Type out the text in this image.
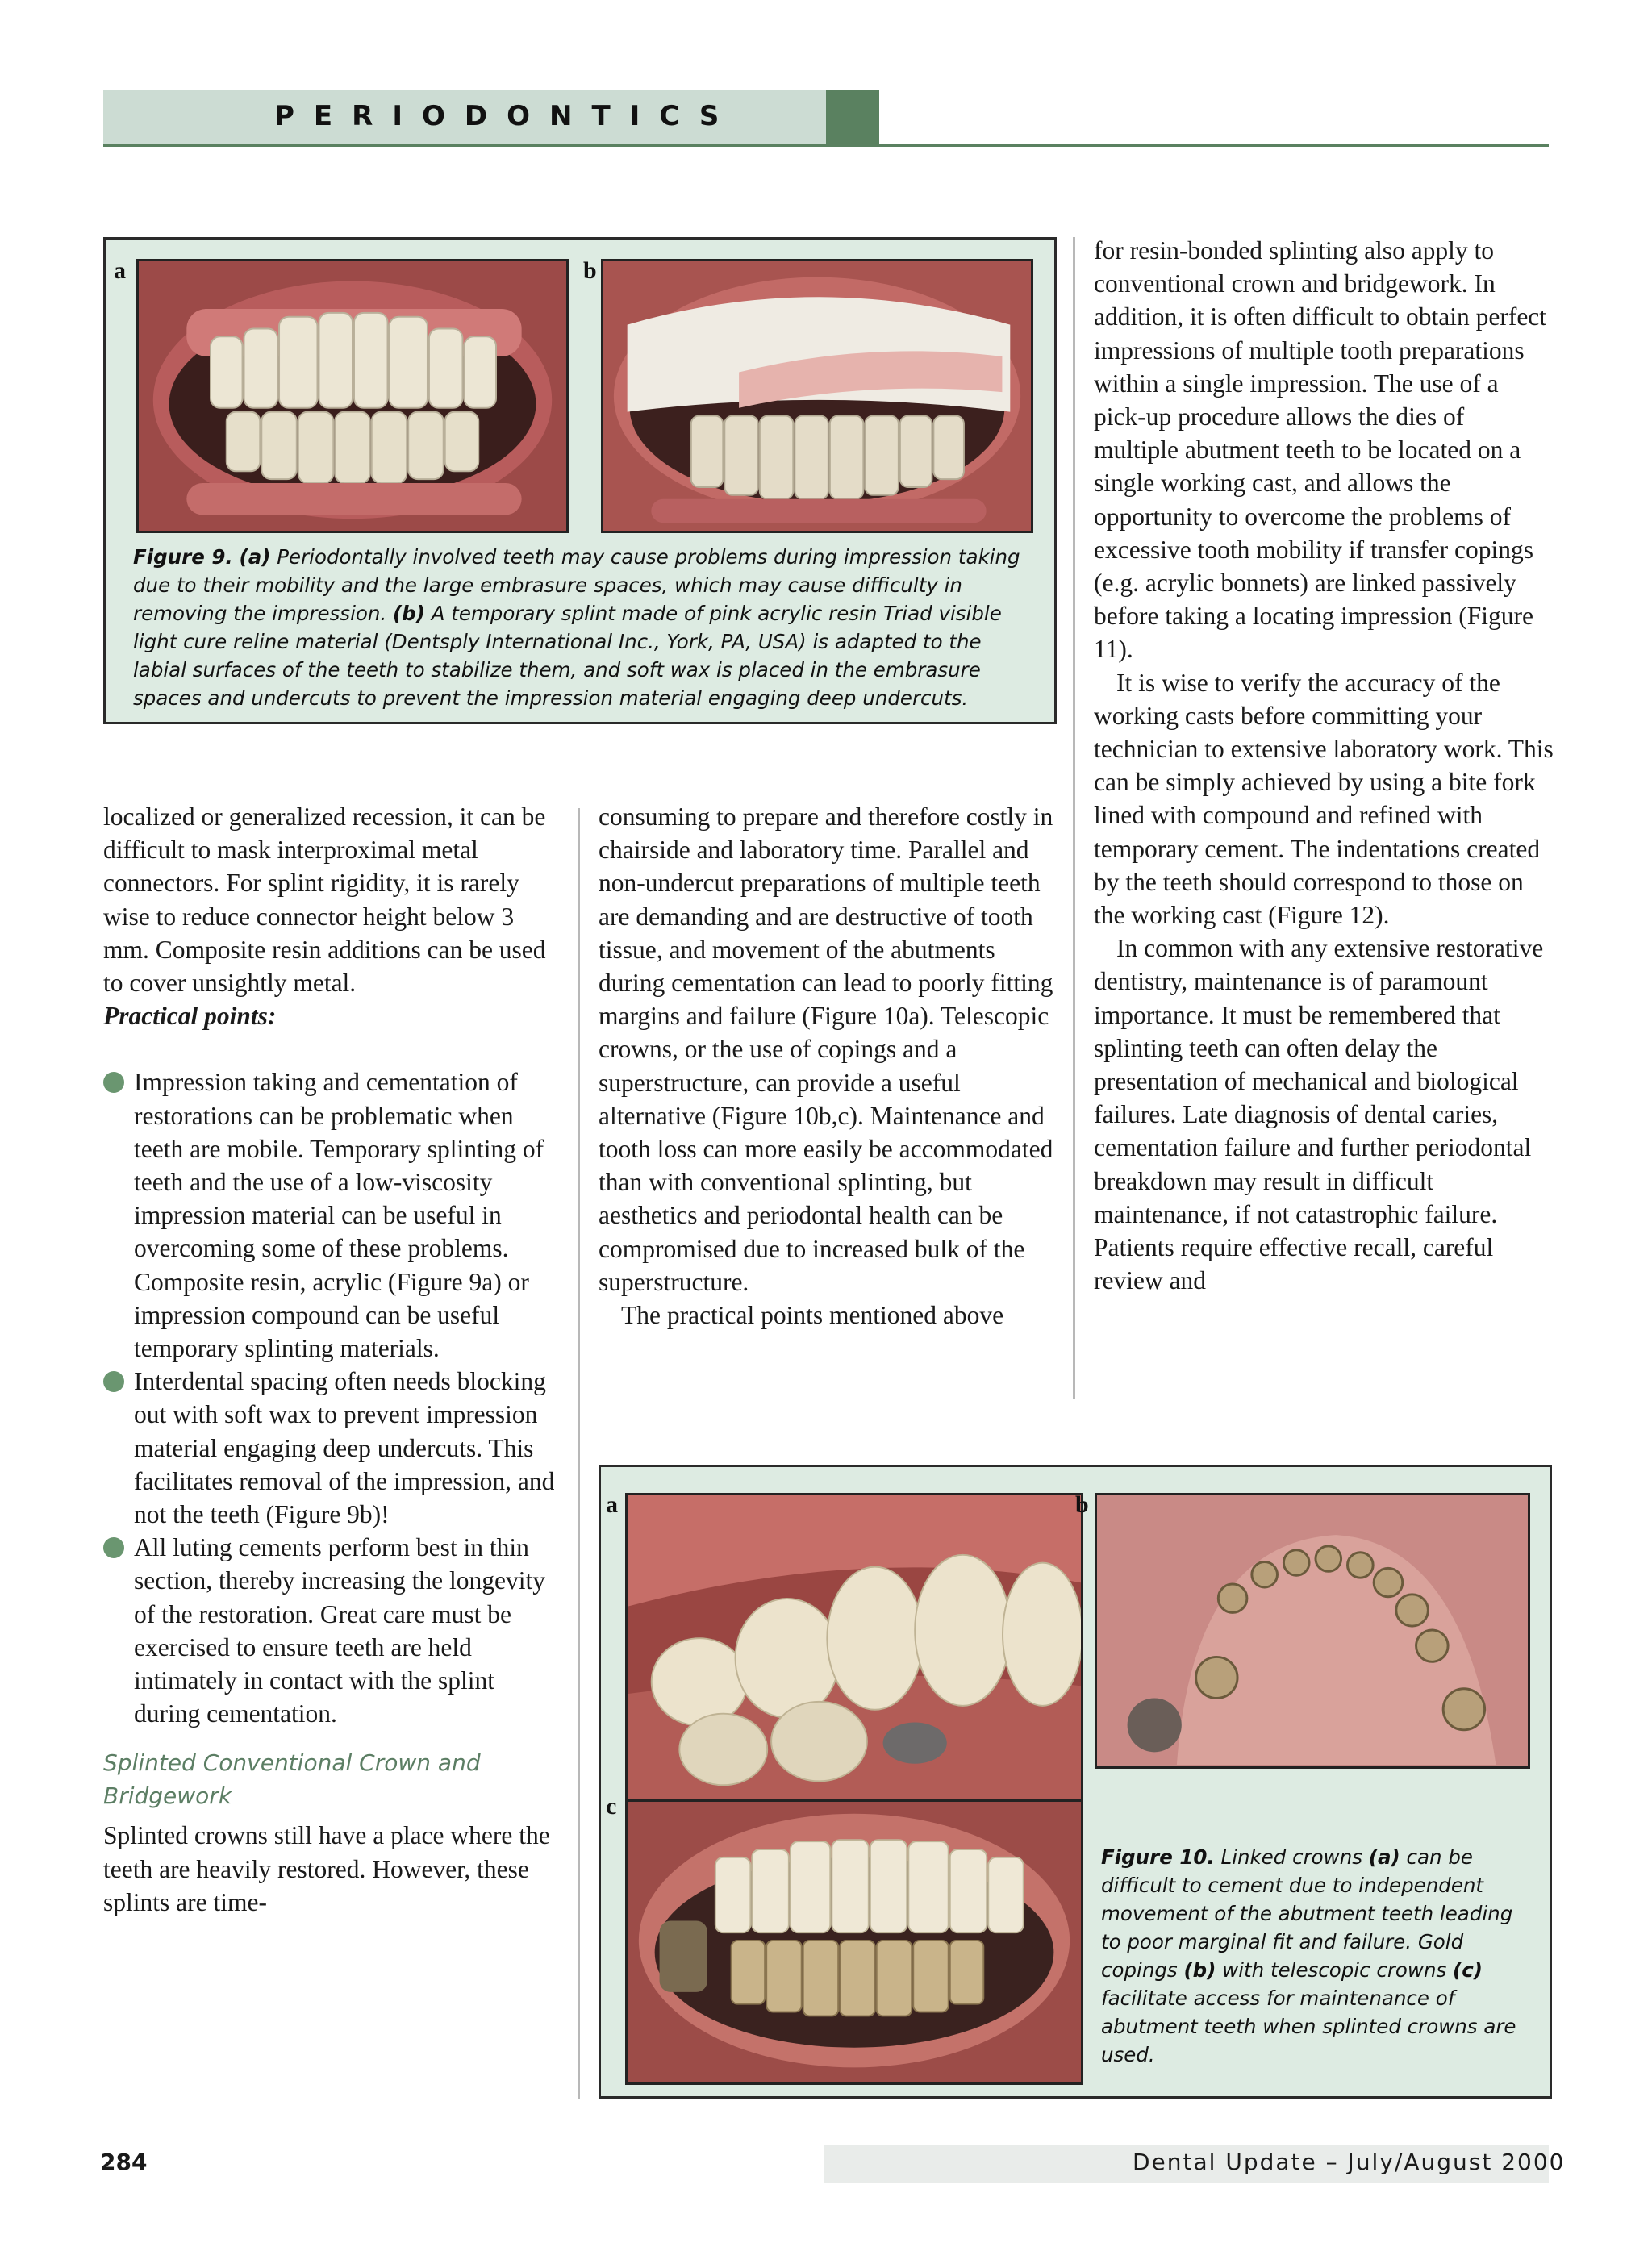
PERIODONTICS
a	b
Figure 9. (a) Periodontally involved teeth may cause problems during impression taking due to their mobility and the large embrasure spaces, which may cause difficulty in removing the impression. (b) A temporary splint made of pink acrylic resin Triad visible light cure reline material (Dentsply International Inc., York, PA, USA) is adapted to the labial surfaces of the teeth to stabilize them, and soft wax is placed in the embrasure spaces and undercuts to prevent the impression material engaging deep undercuts.

localized or generalized recession, it can be difficult to mask interproximal metal connectors. For splint rigidity, it is rarely wise to reduce connector height below 3 mm. Composite resin additions can be used to cover unsightly metal.

Practical points:

Impression taking and cementation of restorations can be problematic when teeth are mobile. Temporary splinting of teeth and the use of a low-viscosity impression material can be useful in overcoming some of these problems. Composite resin, acrylic (Figure 9a) or impression compound can be useful temporary splinting materials.
Interdental spacing often needs blocking out with soft wax to prevent impression material engaging deep undercuts. This facilitates removal of the impression, and not the teeth (Figure 9b)!
All luting cements perform best in thin section, thereby increasing the longevity of the restoration. Great care must be exercised to ensure teeth are held intimately in contact with the splint during cementation.

Splinted Conventional Crown and Bridgework

Splinted crowns still have a place where the teeth are heavily restored. However, these splints are time-

consuming to prepare and therefore costly in chairside and laboratory time. Parallel and non-undercut preparations of multiple teeth are demanding and are destructive of tooth tissue, and movement of the abutments during cementation can lead to poorly fitting margins and failure (Figure 10a). Telescopic crowns, or the use of copings and a superstructure, can provide a useful alternative (Figure 10b,c). Maintenance and tooth loss can more easily be accommodated than with conventional splinting, but aesthetics and periodontal health can be compromised due to increased bulk of the superstructure.

The practical points mentioned above

for resin-bonded splinting also apply to conventional crown and bridgework. In addition, it is often difficult to obtain perfect impressions of multiple tooth preparations within a single impression. The use of a pick-up procedure allows the dies of multiple abutment teeth to be located on a single working cast, and allows the opportunity to overcome the problems of excessive tooth mobility if transfer copings (e.g. acrylic bonnets) are linked passively before taking a locating impression (Figure 11).

It is wise to verify the accuracy of the working casts before committing your technician to extensive laboratory work. This can be simply achieved by using a bite fork lined with compound and refined with temporary cement. The indentations created by the teeth should correspond to those on the working cast (Figure 12).

In common with any extensive restorative dentistry, maintenance is of paramount importance. It must be remembered that splinting teeth can often delay the presentation of mechanical and biological failures. Late diagnosis of dental caries, cementation failure and further periodontal breakdown may result in difficult maintenance, if not catastrophic failure. Patients require effective recall, careful review and

a	b
c
Figure 10. Linked crowns (a) can be difficult to cement due to independent movement of the abutment teeth leading to poor marginal fit and failure. Gold copings (b) with telescopic crowns (c) facilitate access for maintenance of abutment teeth when splinted crowns are used.
284	Dental Update – July/August 2000
